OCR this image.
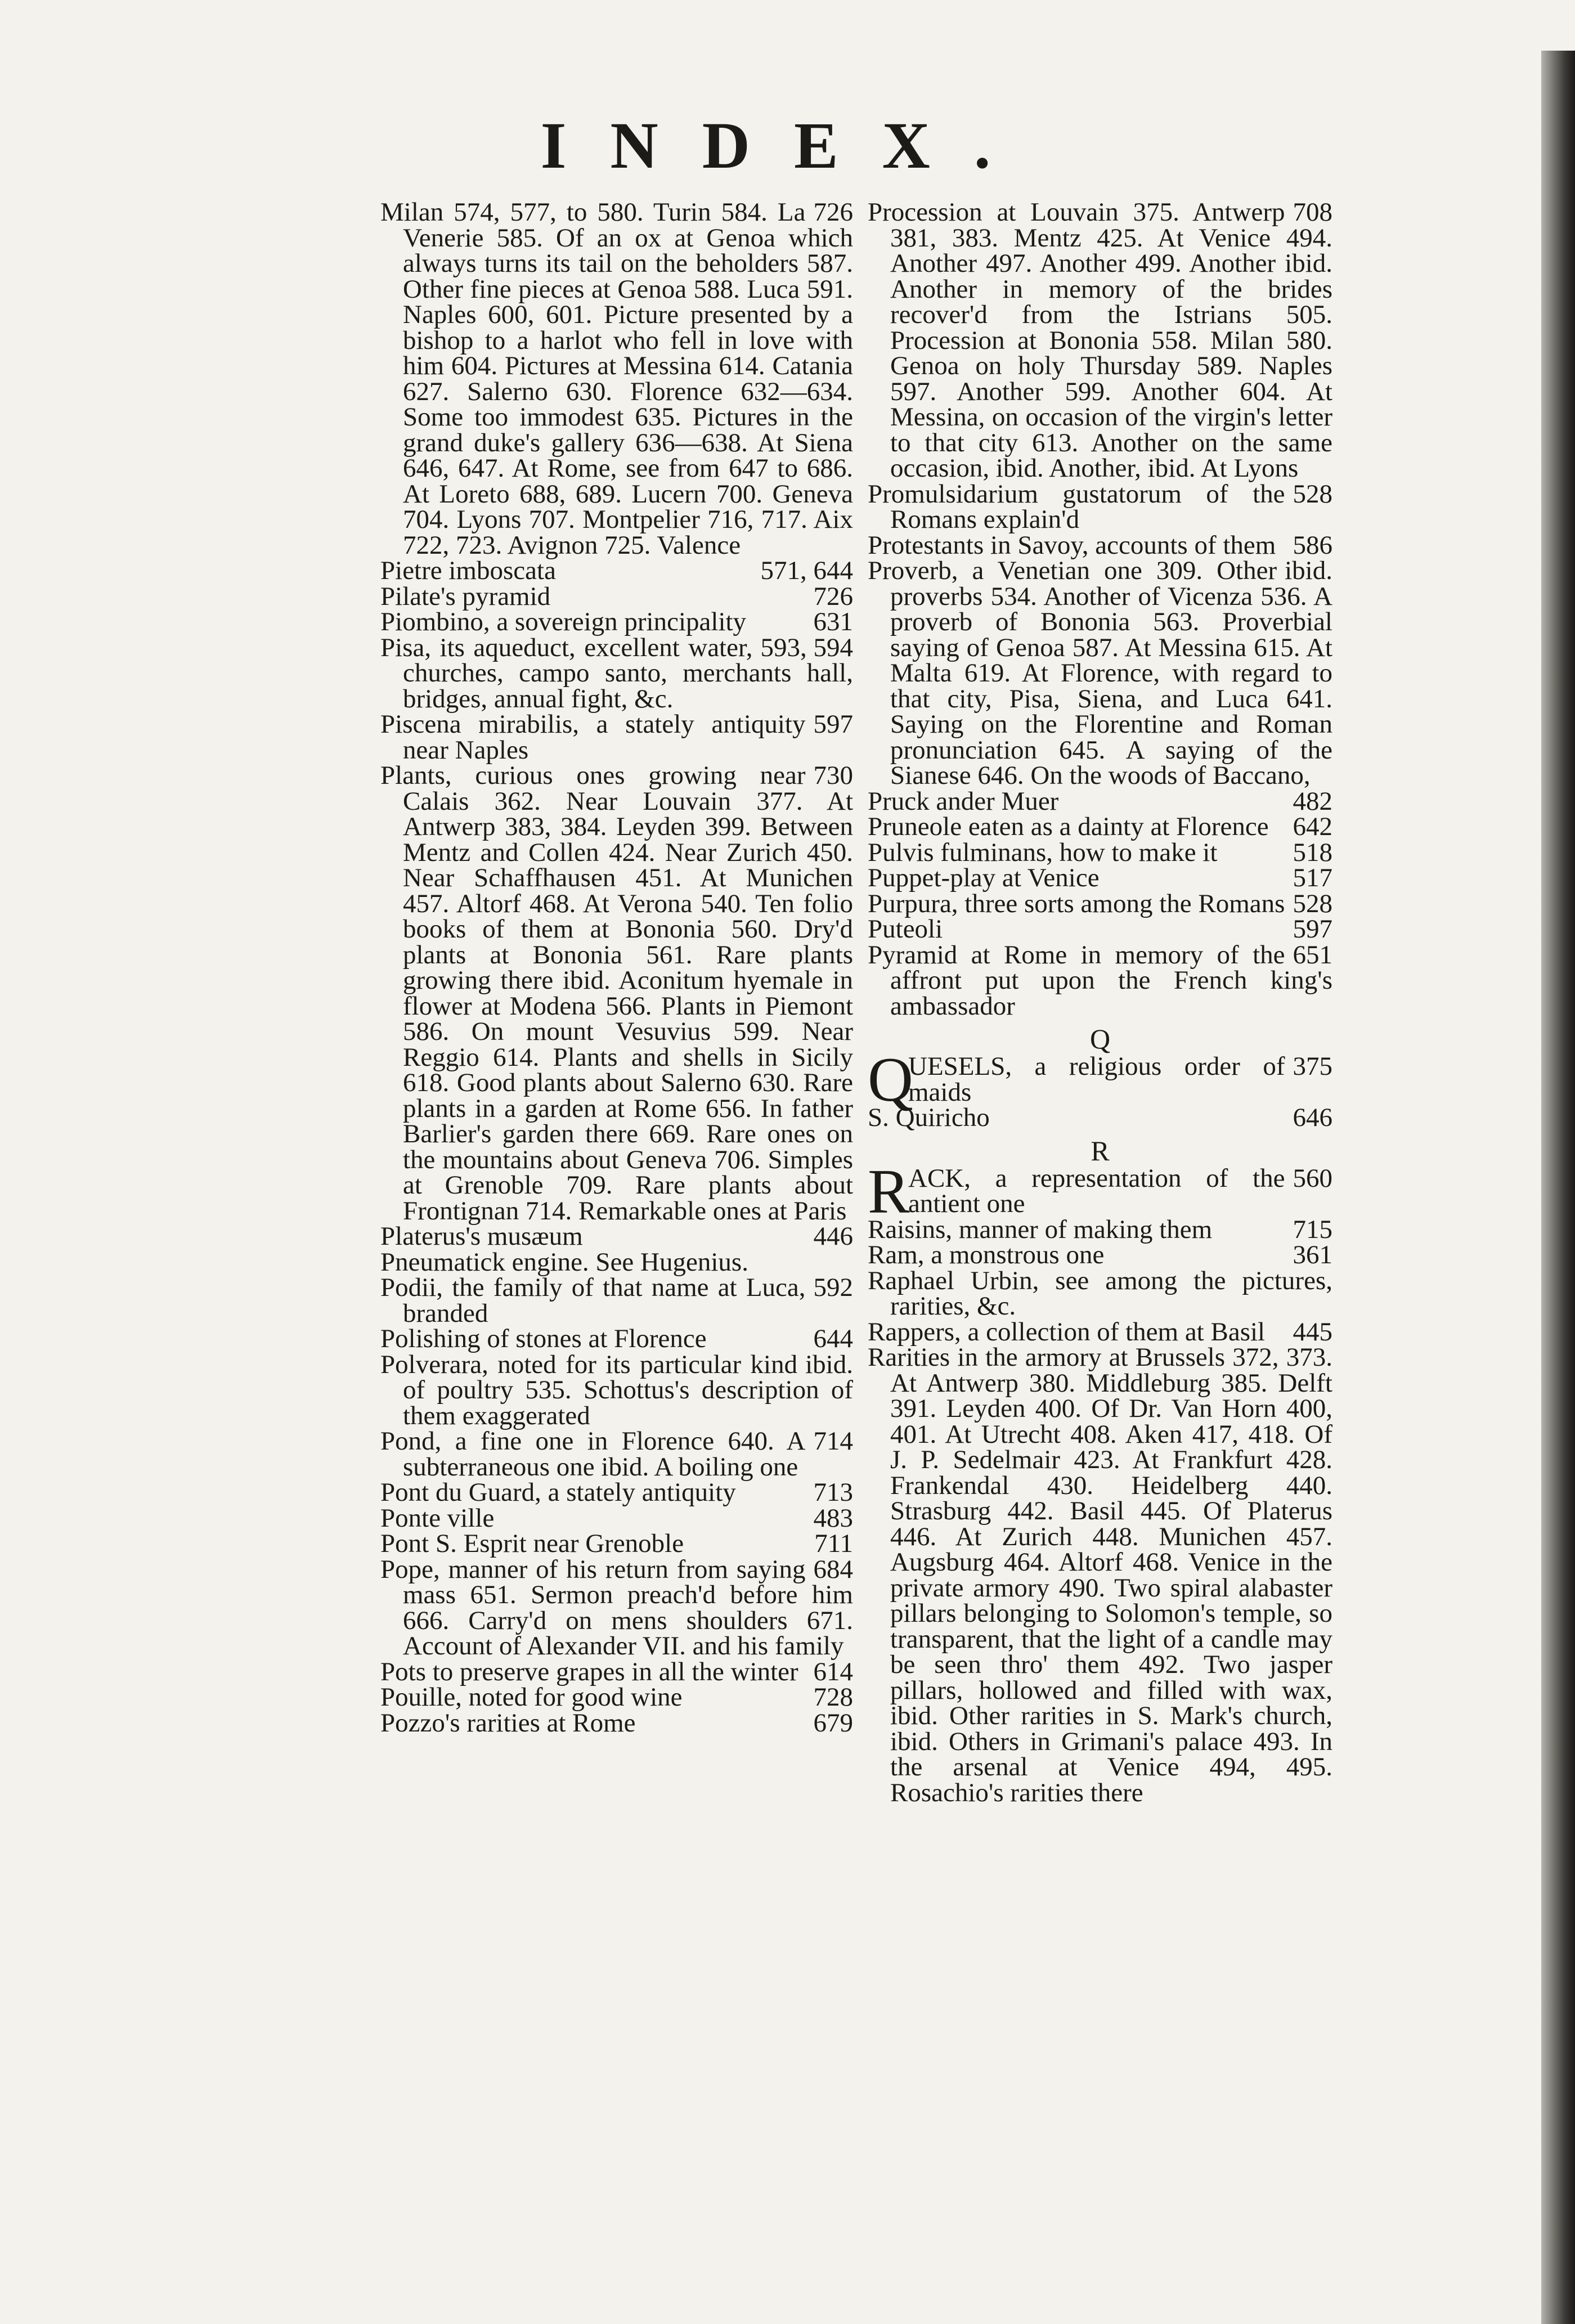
INDEX.

726
Milan 574, 577, to 580. Turin 584. La Venerie 585. Of an ox at Genoa which always turns its tail on the beholders 587. Other fine pieces at Genoa 588. Luca 591. Naples 600, 601. Picture presented by a bishop to a harlot who fell in love with him 604. Pictures at Messina 614. Catania 627. Salerno 630. Florence 632—634. Some too immodest 635. Pictures in the grand duke's gallery 636—638. At Siena 646, 647. At Rome, see from 647 to 686. At Loreto 688, 689. Lucern 700. Geneva 704. Lyons 707. Montpelier 716, 717. Aix 722, 723. Avignon 725. Valence

571, 644
Pietre imboscata

726
Pilate's pyramid

631
Piombino, a sovereign principality

593, 594
Pisa, its aqueduct, excellent water, churches, campo santo, merchants hall, bridges, annual fight, &c.

597
Piscena mirabilis, a stately antiquity near Naples

730
Plants, curious ones growing near Calais 362. Near Louvain 377. At Antwerp 383, 384. Leyden 399. Between Mentz and Collen 424. Near Zurich 450. Near Schaffhausen 451. At Munichen 457. Altorf 468. At Verona 540. Ten folio books of them at Bononia 560. Dry'd plants at Bononia 561. Rare plants growing there ibid. Aconitum hyemale in flower at Modena 566. Plants in Piemont 586. On mount Vesuvius 599. Near Reggio 614. Plants and shells in Sicily 618. Good plants about Salerno 630. Rare plants in a garden at Rome 656. In father Barlier's garden there 669. Rare ones on the mountains about Geneva 706. Simples at Grenoble 709. Rare plants about Frontignan 714. Remarkable ones at Paris

446
Platerus's musæum

Pneumatick engine. See Hugenius.

592
Podii, the family of that name at Luca, branded

644
Polishing of stones at Florence

ibid.
Polverara, noted for its particular kind of poultry 535. Schottus's description of them exaggerated

714
Pond, a fine one in Florence 640. A subterraneous one ibid. A boiling one

713
Pont du Guard, a stately antiquity

483
Ponte ville

711
Pont S. Esprit near Grenoble

684
Pope, manner of his return from saying mass 651. Sermon preach'd before him 666. Carry'd on mens shoulders 671. Account of Alexander VII. and his family

614
Pots to preserve grapes in all the winter

728
Pouille, noted for good wine

679
Pozzo's rarities at Rome

708
Procession at Louvain 375. Antwerp 381, 383. Mentz 425. At Venice 494. Another 497. Another 499. Another ibid. Another in memory of the brides recover'd from the Istrians 505. Procession at Bononia 558. Milan 580. Genoa on holy Thursday 589. Naples 597. Another 599. Another 604. At Messina, on occasion of the virgin's letter to that city 613. Another on the same occasion, ibid. Another, ibid. At Lyons

528
Promulsidarium gustatorum of the Romans explain'd

586
Protestants in Savoy, accounts of them

ibid.
Proverb, a Venetian one 309. Other proverbs 534. Another of Vicenza 536. A proverb of Bononia 563. Proverbial saying of Genoa 587. At Messina 615. At Malta 619. At Florence, with regard to that city, Pisa, Siena, and Luca 641. Saying on the Florentine and Roman pronunciation 645. A saying of the Sianese 646. On the woods of Baccano,

482
Pruck ander Muer

642
Pruneole eaten as a dainty at Florence

518
Pulvis fulminans, how to make it

517
Puppet-play at Venice

528
Purpura, three sorts among the Romans

597
Puteoli

651
Pyramid at Rome in memory of the affront put upon the French king's ambassador

Q

Q	375
UESELS, a religious order of maids

646
S. Quiricho

R

R	560
ACK, a representation of the antient one

715
Raisins, manner of making them

361
Ram, a monstrous one

Raphael Urbin, see among the pictures, rarities, &c.

445
Rappers, a collection of them at Basil

Rarities in the armory at Brussels 372, 373. At Antwerp 380. Middleburg 385. Delft 391. Leyden 400. Of Dr. Van Horn 400, 401. At Utrecht 408. Aken 417, 418. Of J. P. Sedelmair 423. At Frankfurt 428. Frankendal 430. Heidelberg 440. Strasburg 442. Basil 445. Of Platerus 446. At Zurich 448. Munichen 457. Augsburg 464. Altorf 468. Venice in the private armory 490. Two spiral alabaster pillars belonging to Solomon's temple, so transparent, that the light of a candle may be seen thro' them 492. Two jasper pillars, hollowed and filled with wax, ibid. Other rarities in S. Mark's church, ibid. Others in Grimani's palace 493. In the arsenal at Venice 494, 495. Rosachio's rarities there
